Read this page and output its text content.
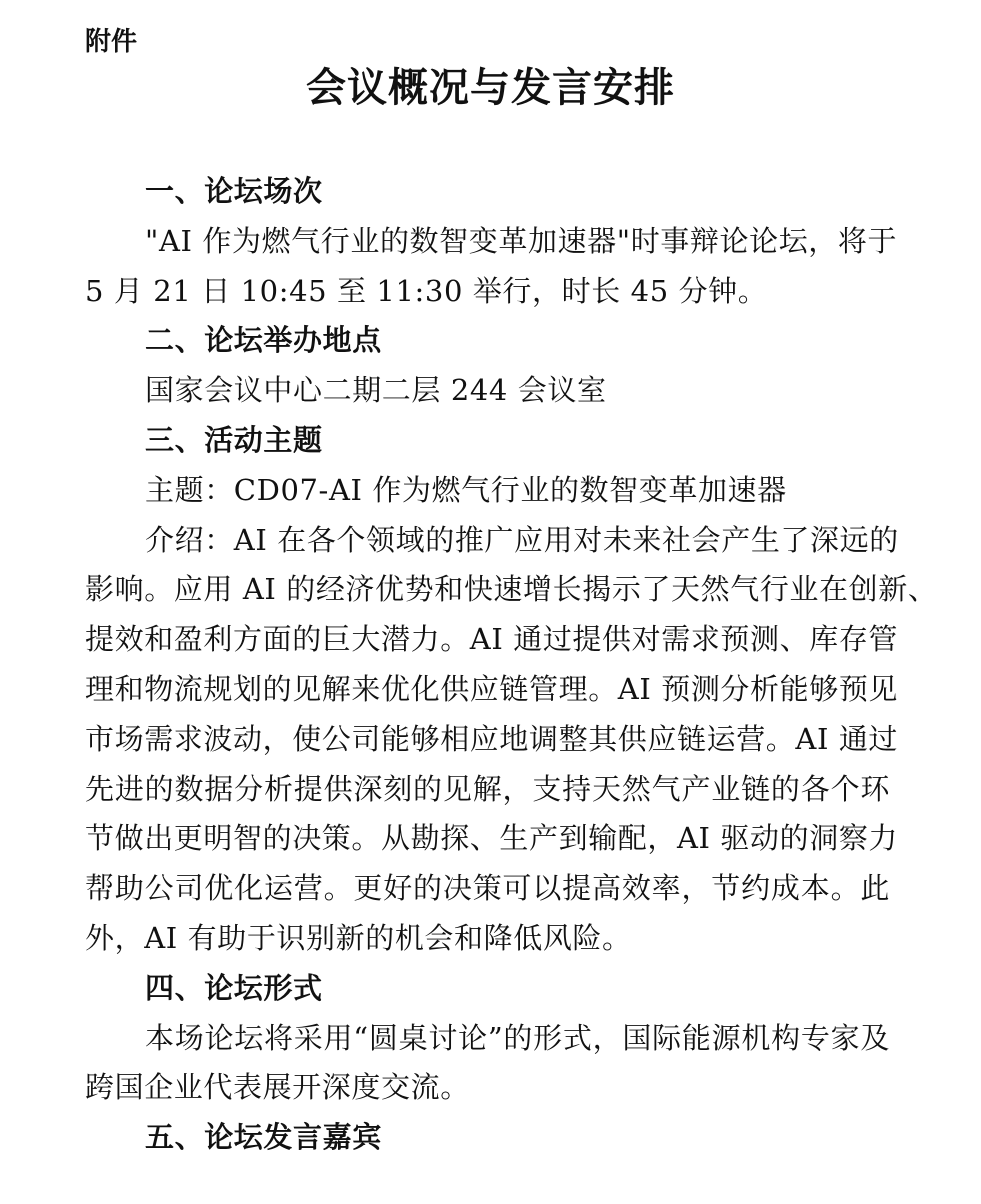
附件
会议概况与发言安排
一、论坛场次
"AI 作为燃气行业的数智变革加速器"时事辩论论坛，将于
5 月 21 日 10:45 至 11:30 举行，时长 45 分钟。
二、论坛举办地点
国家会议中心二期二层 244 会议室
三、活动主题
主题：CD07-AI 作为燃气行业的数智变革加速器
介绍：AI 在各个领域的推广应用对未来社会产生了深远的
影响。应用 AI 的经济优势和快速增长揭示了天然气行业在创新、
提效和盈利方面的巨大潜力。AI 通过提供对需求预测、库存管
理和物流规划的见解来优化供应链管理。AI 预测分析能够预见
市场需求波动，使公司能够相应地调整其供应链运营。AI 通过
先进的数据分析提供深刻的见解，支持天然气产业链的各个环
节做出更明智的决策。从勘探、生产到输配，AI 驱动的洞察力
帮助公司优化运营。更好的决策可以提高效率，节约成本。此
外，AI 有助于识别新的机会和降低风险。
四、论坛形式
本场论坛将采用“圆桌讨论”的形式，国际能源机构专家及
跨国企业代表展开深度交流。
五、论坛发言嘉宾
